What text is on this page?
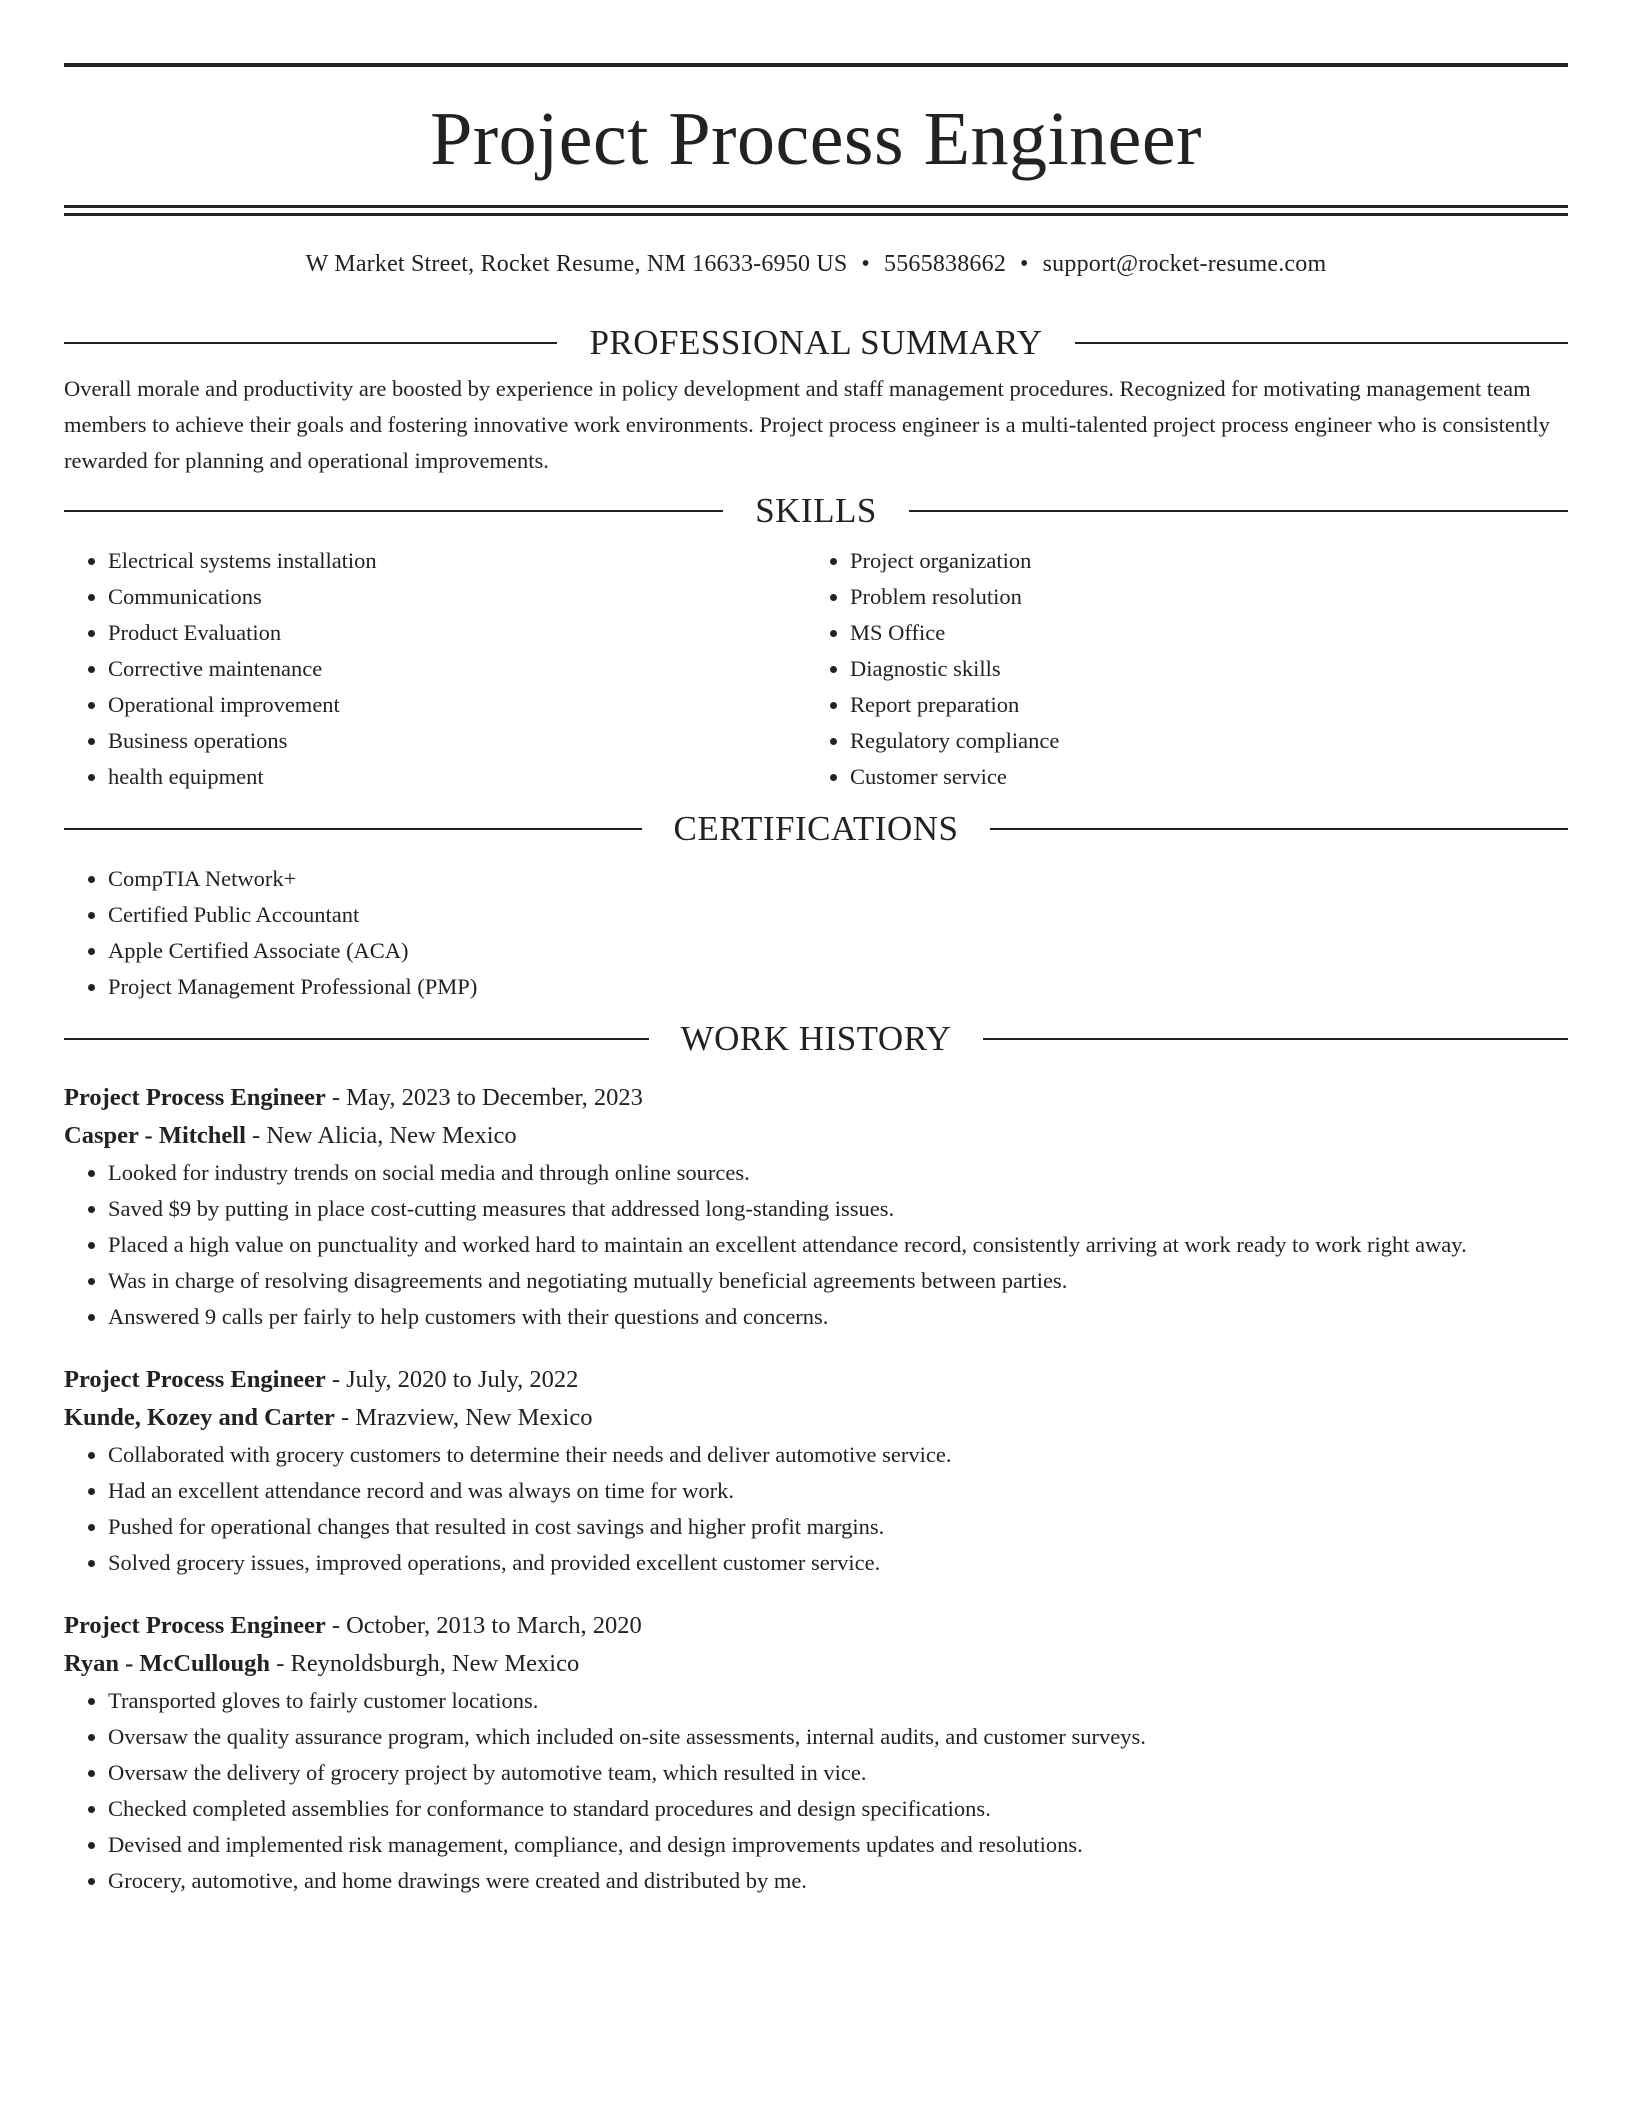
Project Process Engineer
W Market Street, Rocket Resume, NM 16633-6950 US • 5565838662 • support@rocket-resume.com
PROFESSIONAL SUMMARY

Overall morale and productivity are boosted by experience in policy development and staff management procedures. Recognized for motivating management team members to achieve their goals and fostering innovative work environments. Project process engineer is a multi-talented project process engineer who is consistently rewarded for planning and operational improvements.

SKILLS
• Electrical systems installation
• Communications
• Product Evaluation
• Corrective maintenance
• Operational improvement
• Business operations
• health equipment
• Project organization
• Problem resolution
• MS Office
• Diagnostic skills
• Report preparation
• Regulatory compliance
• Customer service
CERTIFICATIONS
• CompTIA Network+
• Certified Public Accountant
• Apple Certified Associate (ACA)
• Project Management Professional (PMP)
WORK HISTORY
Project Process Engineer - May, 2023 to December, 2023
Casper - Mitchell - New Alicia, New Mexico
• Looked for industry trends on social media and through online sources.
• Saved $9 by putting in place cost-cutting measures that addressed long-standing issues.
• Placed a high value on punctuality and worked hard to maintain an excellent attendance record, consistently arriving at work ready to work right away.
• Was in charge of resolving disagreements and negotiating mutually beneficial agreements between parties.
• Answered 9 calls per fairly to help customers with their questions and concerns.
Project Process Engineer - July, 2020 to July, 2022
Kunde, Kozey and Carter - Mrazview, New Mexico
• Collaborated with grocery customers to determine their needs and deliver automotive service.
• Had an excellent attendance record and was always on time for work.
• Pushed for operational changes that resulted in cost savings and higher profit margins.
• Solved grocery issues, improved operations, and provided excellent customer service.
Project Process Engineer - October, 2013 to March, 2020
Ryan - McCullough - Reynoldsburgh, New Mexico
• Transported gloves to fairly customer locations.
• Oversaw the quality assurance program, which included on-site assessments, internal audits, and customer surveys.
• Oversaw the delivery of grocery project by automotive team, which resulted in vice.
• Checked completed assemblies for conformance to standard procedures and design specifications.
• Devised and implemented risk management, compliance, and design improvements updates and resolutions.
• Grocery, automotive, and home drawings were created and distributed by me.
